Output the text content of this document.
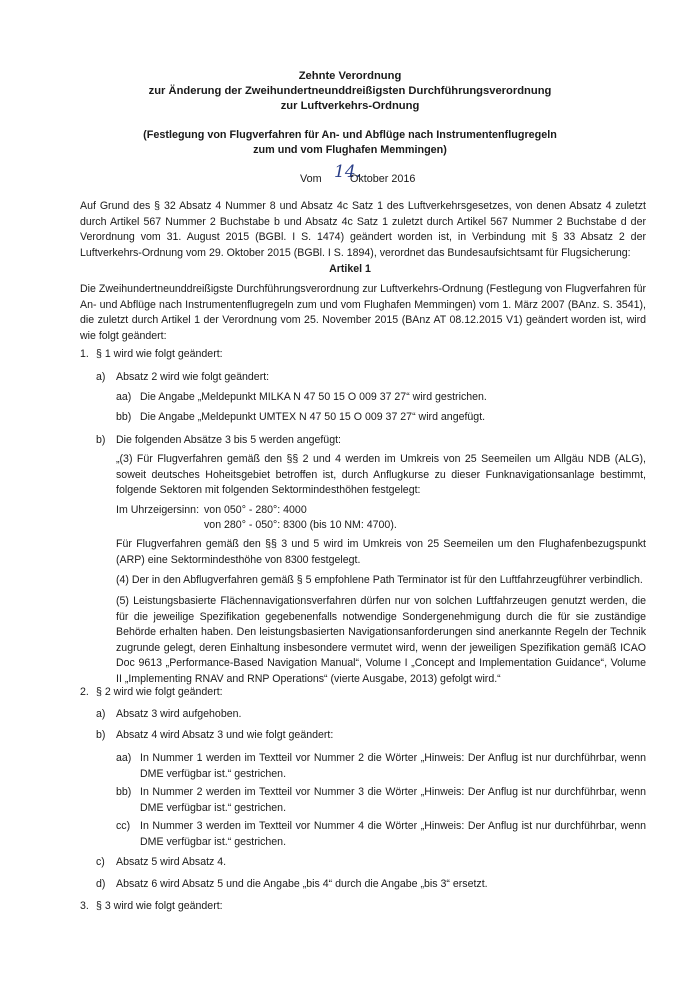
Zehnte Verordnung
zur Änderung der Zweihundertneunddreißigsten Durchführungsverordnung
zur Luftverkehrs-Ordnung
(Festlegung von Flugverfahren für An- und Abflüge nach Instrumentenflugregeln
zum und vom Flughafen Memmingen)
Vom 14.
Oktober 2016
Auf Grund des § 32 Absatz 4 Nummer 8 und Absatz 4c Satz 1 des Luftverkehrsgesetzes, von denen Absatz 4 zuletzt durch Artikel 567 Nummer 2 Buchstabe b und Absatz 4c Satz 1 zuletzt durch Artikel 567 Nummer 2 Buchstabe d der Verordnung vom 31. August 2015 (BGBl. I S. 1474) geändert worden ist, in Verbindung mit § 33 Absatz 2 der Luftverkehrs-Ordnung vom 29. Oktober 2015 (BGBl. I S. 1894), verordnet das Bundesaufsichtsamt für Flugsicherung:
Artikel 1
Die Zweihundertneunddreißigste Durchführungsverordnung zur Luftverkehrs-Ordnung (Festlegung von Flugverfahren für An- und Abflüge nach Instrumentenflugregeln zum und vom Flughafen Memmingen) vom 1. März 2007 (BAnz. S. 3541), die zuletzt durch Artikel 1 der Verordnung vom 25. November 2015 (BAnz AT 08.12.2015 V1) geändert worden ist, wird wie folgt geändert:
1. § 1 wird wie folgt geändert:
a) Absatz 2 wird wie folgt geändert:
aa) Die Angabe „Meldepunkt MILKA N 47 50 15 O 009 37 27“ wird gestrichen.
bb) Die Angabe „Meldepunkt UMTEX N 47 50 15 O 009 37 27“ wird angefügt.
b) Die folgenden Absätze 3 bis 5 werden angefügt:
„(3) Für Flugverfahren gemäß den §§ 2 und 4 werden im Umkreis von 25 Seemeilen um Allgäu NDB (ALG), soweit deutsches Hoheitsgebiet betroffen ist, durch Anflugkurse zu dieser Funknavigationsanlage bestimmt, folgende Sektoren mit folgenden Sektormindesthöhen festgelegt:
Im Uhrzeigersinn: von 050° - 280°: 4000
von 280° - 050°: 8300 (bis 10 NM: 4700).
Für Flugverfahren gemäß den §§ 3 und 5 wird im Umkreis von 25 Seemeilen um den Flughafenbezugspunkt (ARP) eine Sektormindesthöhe von 8300 festgelegt.
(4) Der in den Abflugverfahren gemäß § 5 empfohlene Path Terminator ist für den Luftfahrzeugführer verbindlich.
(5) Leistungsbasierte Flächennavigationsverfahren dürfen nur von solchen Luftfahrzeugen genutzt werden, die für die jeweilige Spezifikation gegebenenfalls notwendige Sondergenehmigung durch die für sie zuständige Behörde erhalten haben. Den leistungsbasierten Navigationsanforderungen sind anerkannte Regeln der Technik zugrunde gelegt, deren Einhaltung insbesondere vermutet wird, wenn der jeweiligen Spezifikation gemäß ICAO Doc 9613 „Performance-Based Navigation Manual“, Volume I „Concept and Implementation Guidance“, Volume II „Implementing RNAV and RNP Operations“ (vierte Ausgabe, 2013) gefolgt wird.“
2. § 2 wird wie folgt geändert:
a) Absatz 3 wird aufgehoben.
b) Absatz 4 wird Absatz 3 und wie folgt geändert:
aa) In Nummer 1 werden im Textteil vor Nummer 2 die Wörter „Hinweis: Der Anflug ist nur durchführbar, wenn DME verfügbar ist.“ gestrichen.
bb) In Nummer 2 werden im Textteil vor Nummer 3 die Wörter „Hinweis: Der Anflug ist nur durchführbar, wenn DME verfügbar ist.“ gestrichen.
cc) In Nummer 3 werden im Textteil vor Nummer 4 die Wörter „Hinweis: Der Anflug ist nur durchführbar, wenn DME verfügbar ist.“ gestrichen.
c) Absatz 5 wird Absatz 4.
d) Absatz 6 wird Absatz 5 und die Angabe „bis 4“ durch die Angabe „bis 3“ ersetzt.
3. § 3 wird wie folgt geändert:
